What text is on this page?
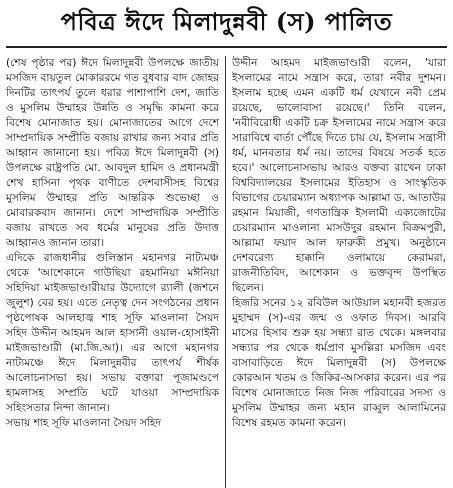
পবিত্র ঈদে মিলাদুন্নবী (স) পালিত

(শেষ পৃষ্ঠার পর) ঈদে মিলাদুন্নবী উপলক্ষে জাতীয় মসজিদ বায়তুল মোকাররমে গত বুধবার বাদ জোহর দিনটির তাৎপর্য তুলে ধরার পাশাপাশি দেশ, জাতি ও মুসলিম উম্মাহর উন্নতি ও সমৃদ্ধি কামনা করে বিশেষ মোনাজাত হয়। মোনাজাতের আগে দেশে সাম্প্রদায়িক সম্প্রীতি বজায় রাখার জন্য সবার প্রতি আহ্বান জানানো হয়। পবিত্র ঈদে মিলাদুন্নবী (স) উপলক্ষে রাষ্ট্রপতি মো. আবদুল হামিদ ও প্রধানমন্ত্রী শেখ হাসিনা পৃথক বাণীতে দেশবাসীসহ বিশ্বের মুসলিম উম্মাহর প্রতি আন্তরিক শুভেচ্ছা ও মোবারকবাদ জানান। দেশে সাম্প্রদায়িক সম্প্রীতি বজায় রাখতে সব ধর্মের মানুষের প্রতি উদাত্ত আহ্বানও জানান তারা।

এদিকে রাজধানীর গুলিস্তান মহানগর নাট্যমঞ্চ থেকে 'আশেকানে গাউছিয়া রহমানিয়া মঈনিয়া সহিদিয়া মাইজভাণ্ডারীয়ার উদ্যোগে র‍্যালী (জশনে জুলুশ) বের হয়। এতে নেতৃত্ব দেন সংগঠনের প্রধান পৃষ্ঠপোষক আলহাজ্ব শাহ সূফি মাওলানা সৈয়দ সহিদ উদ্দীন আহমদ আল হাসানী ওয়াল-হোসাইনী মাইজভাণ্ডারী (মা.জি.আ)। এর আগে মহানগর নাট্যমঞ্চে ঈদে মিলাদুন্নবীর তাৎপর্য শীর্ষক আলোচনাসভা হয়। সভায় বক্তারা পূজামণ্ডপে হামলাসহ সম্প্রতি ঘটে যাওয়া সাম্প্রদায়িক সহিংসতার নিন্দা জানান।

সভায় শাহ সূফি মাওলানা সৈয়দ সহিদ

উদ্দীন আহমদ মাইজভাণ্ডারী বলেন, 'যারা ইসলামের নামে সন্ত্রাস করে, তারা নবীর দুশমন। ইসলাম হচ্ছে এমন একটি ধর্ম যেখানে নবী প্রেম রয়েছে, ভালোবাসা রয়েছে।' তিনি বলেন, 'নবীবিরোধী একটি চক্র ইসলামের নামে সন্ত্রাস করে সারাবিশ্বে বার্তা পৌঁছে দিতে চায় যে, ইসলাম সন্ত্রাসী ধর্ম, মানবতার ধর্ম নয়। তাদের বিষয়ে সতর্ক হতে হবে।' আলোচনাসভায় আরও বক্তব্য রাখেন ঢাকা বিশ্ববিদ্যালয়ের ইসলামের ইতিহাস ও সাংস্কৃতিক বিভাগের চেয়ারম্যান অধ্যাপক আল্লামা ড. আতাউর রহমান মিয়াজী, গণতান্ত্রিক ইসলামী এক্যজোটের চেয়ারম্যান মাওলানা মাসউদুর রহমান বিক্রমপুরী, আল্লামা ফয়াদ আল ফারুকী প্রমুখ। অনুষ্ঠানে দেশবরেণ্য হাক্কানি ওলামায়ে কেরামরা, রাজনীতিবিদ, আশেকান ও ভক্তবৃন্দ উপস্থিত ছিলেন।

হিজরি সনের ১২ রবিউল আউয়াল মহানবী হজরত মুহাম্মদ (স)-এর জন্ম ও ওফাত দিবস। আরবি মাসের হিসাব শুরু হয় সন্ধ্যা রাত থেকে। মঙ্গলবার সন্ধ্যার পর থেকে ধর্মপ্রাণ মুসল্লিরা মসজিদ এবং বাসাবাড়িতে ঈদে মিলাদুন্নবী (স) উপলক্ষে কোরআন খতম ও জিকির-আসকার করেন। এর পর বিশেষ মোনাজাতে নিজ নিজ পরিবারের সদস্য ও মুসলিম উম্মাহর জন্য মহান রাব্বুল আলামিনের বিশেষ রহমত কামনা করেন।
